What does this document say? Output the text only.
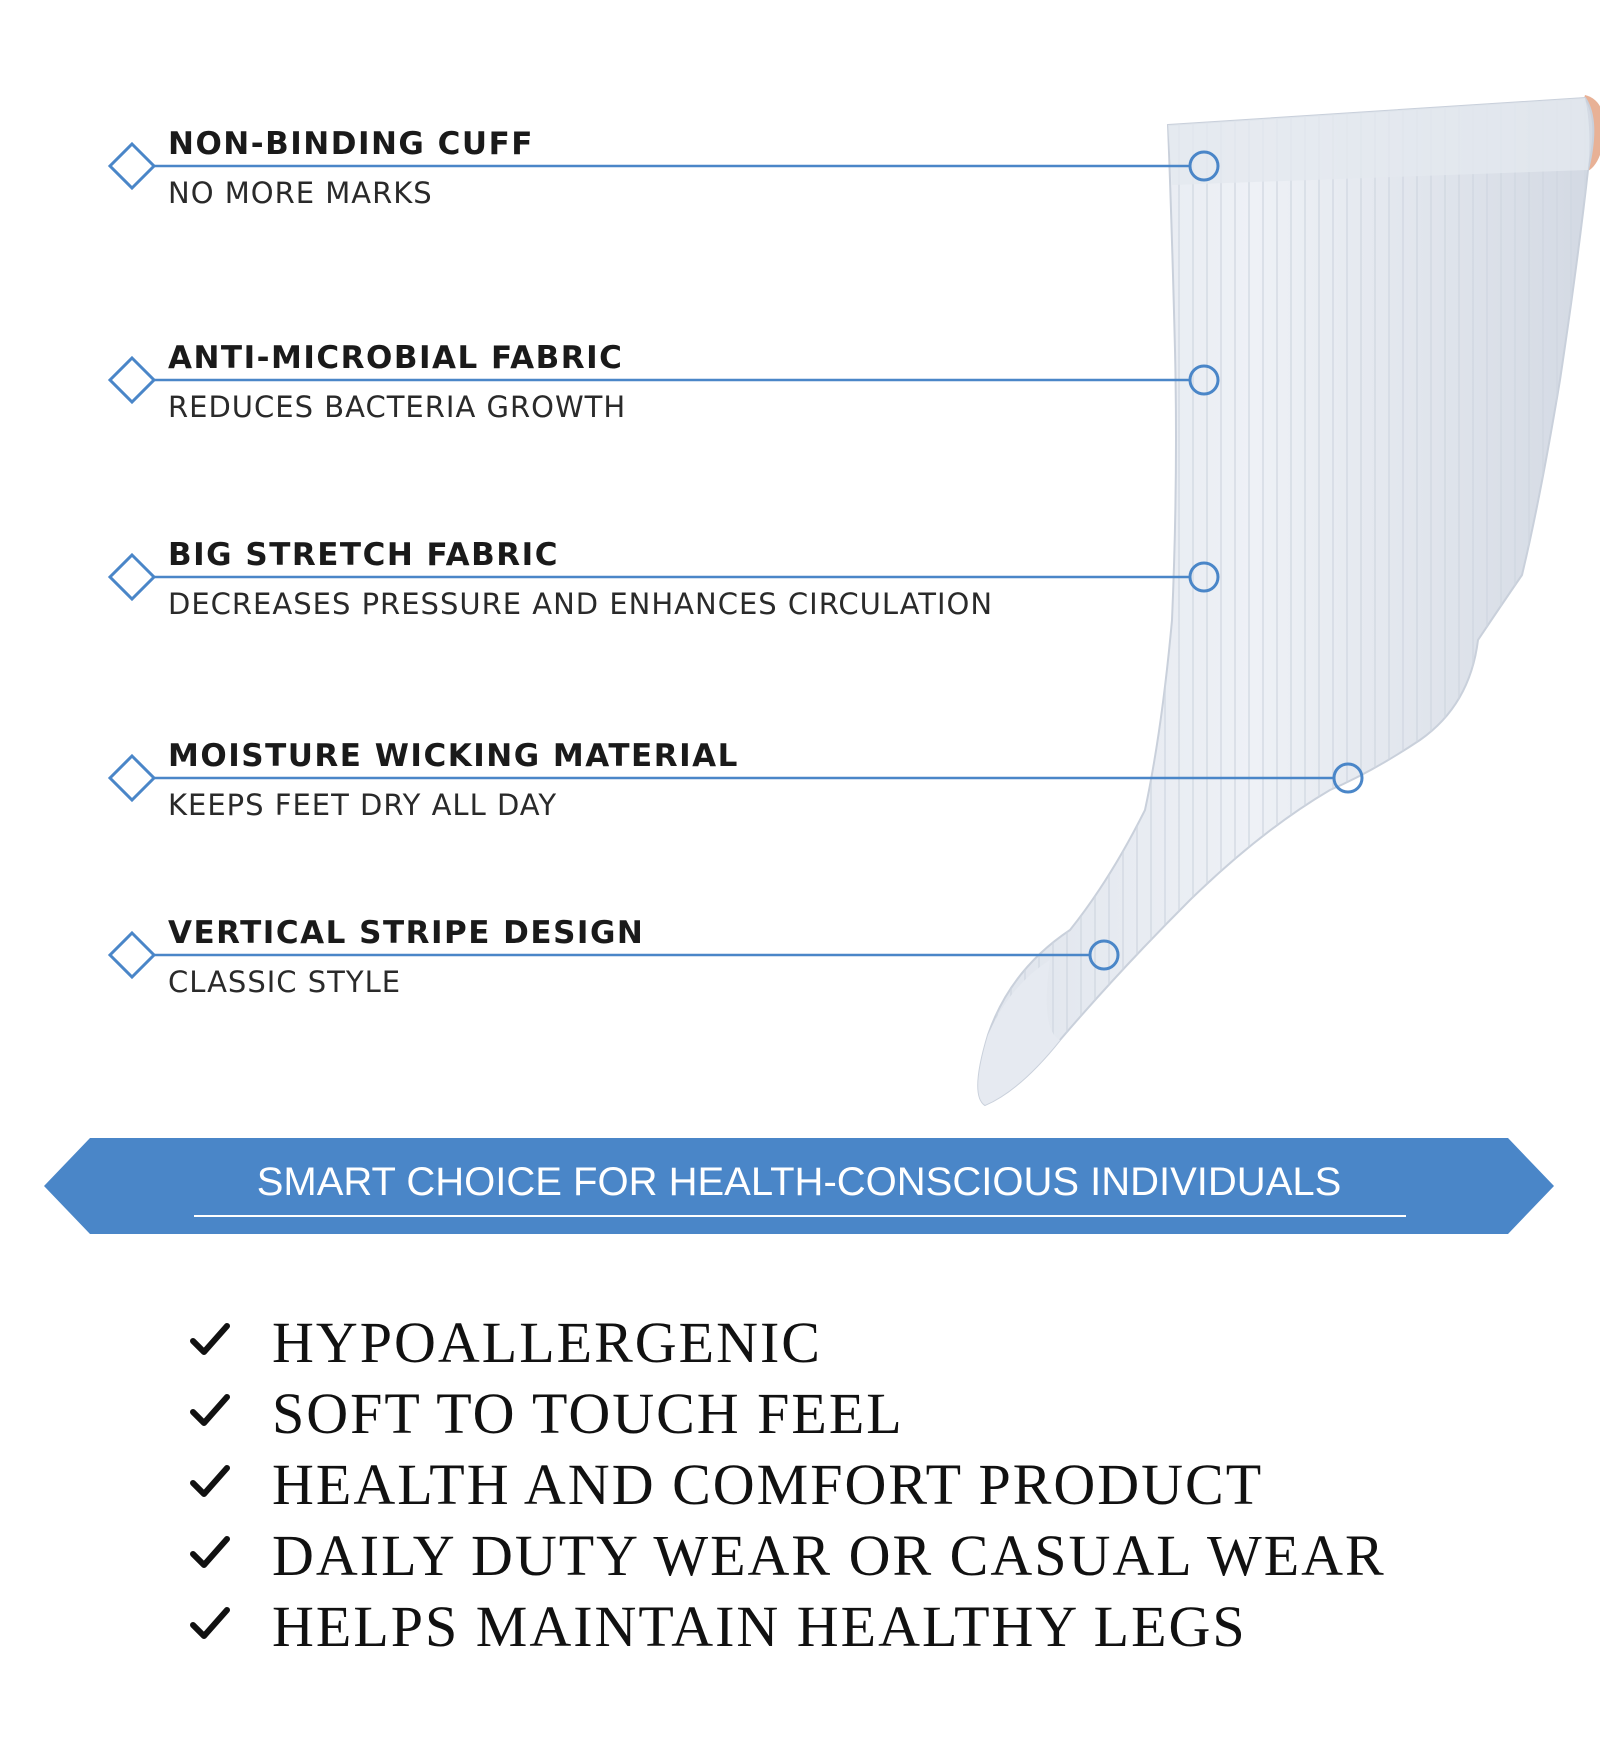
NON-BINDING CUFF
NO MORE MARKS
ANTI-MICROBIAL FABRIC
REDUCES BACTERIA GROWTH
BIG STRETCH FABRIC
DECREASES PRESSURE AND ENHANCES CIRCULATION
MOISTURE WICKING MATERIAL
KEEPS FEET DRY ALL DAY
VERTICAL STRIPE DESIGN
CLASSIC STYLE
SMART CHOICE FOR HEALTH-CONSCIOUS INDIVIDUALS
HYPOALLERGENIC
SOFT TO TOUCH FEEL
HEALTH AND COMFORT PRODUCT
DAILY DUTY WEAR OR CASUAL WEAR
HELPS MAINTAIN HEALTHY LEGS
